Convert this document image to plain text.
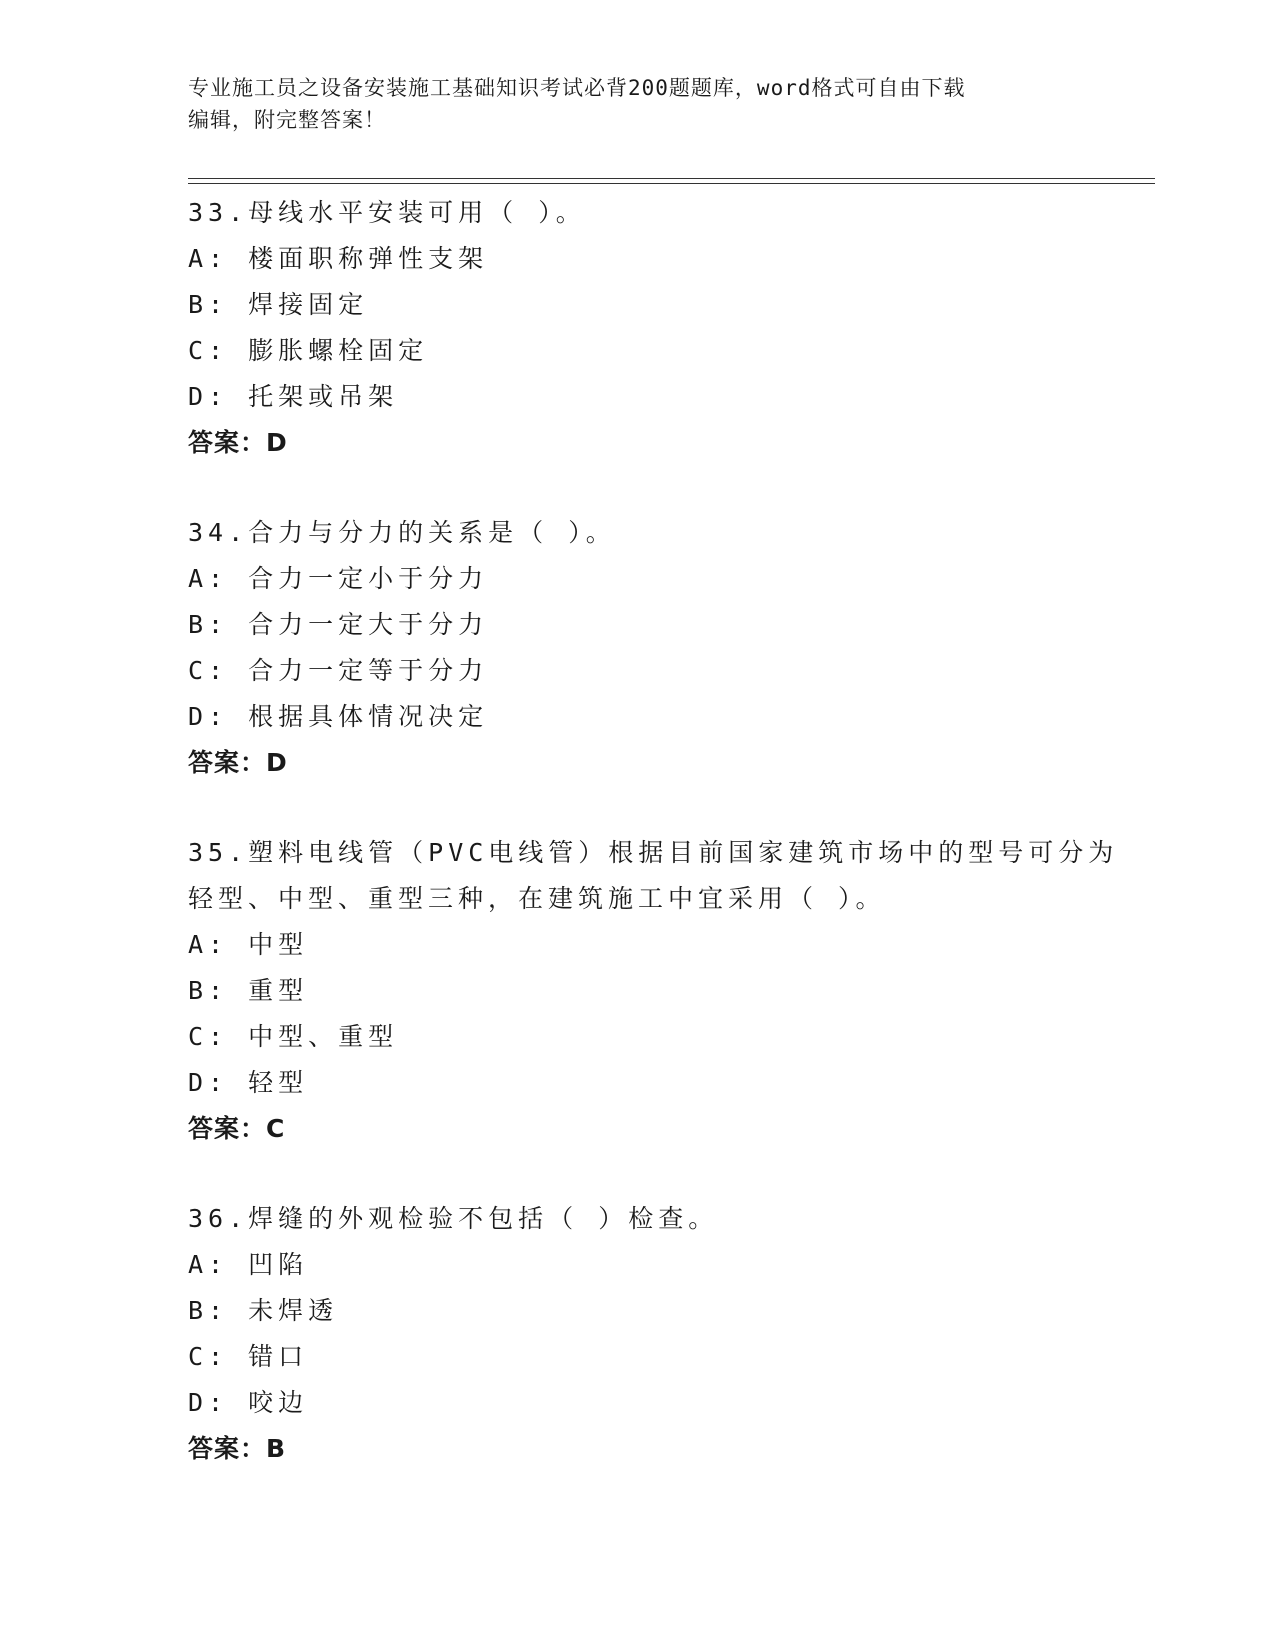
专业施工员之设备安装施工基础知识考试必背200题题库，word格式可自由下载
编辑，附完整答案！
33.母线水平安装可用（ ）。
A: 楼面职称弹性支架
B: 焊接固定
C: 膨胀螺栓固定
D: 托架或吊架
答案：D
34.合力与分力的关系是（ ）。
A: 合力一定小于分力
B: 合力一定大于分力
C: 合力一定等于分力
D: 根据具体情况决定
答案：D
35.塑料电线管（PVC电线管）根据目前国家建筑市场中的型号可分为
轻型、中型、重型三种，在建筑施工中宜采用（ ）。
A: 中型
B: 重型
C: 中型、重型
D: 轻型
答案：C
36.焊缝的外观检验不包括（ ）检查。
A: 凹陷
B: 未焊透
C: 错口
D: 咬边
答案：B
